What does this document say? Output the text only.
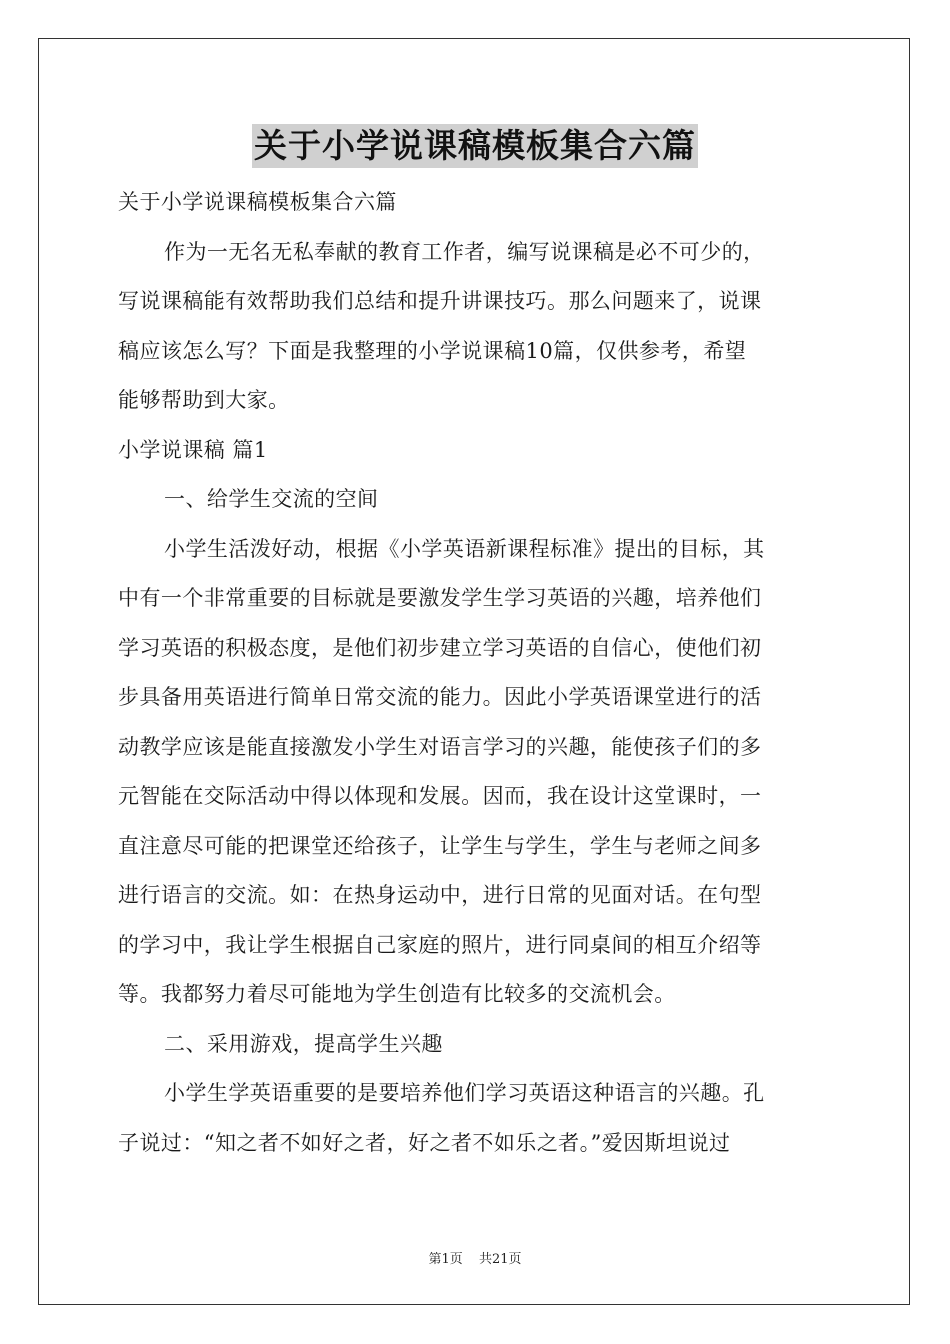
关于小学说课稿模板集合六篇
关于小学说课稿模板集合六篇
作为一无名无私奉献的教育工作者，编写说课稿是必不可少的，
写说课稿能有效帮助我们总结和提升讲课技巧。那么问题来了，说课
稿应该怎么写？下面是我整理的小学说课稿10篇，仅供参考，希望
能够帮助到大家。
小学说课稿 篇1
一、给学生交流的空间
小学生活泼好动，根据《小学英语新课程标准》提出的目标，其
中有一个非常重要的目标就是要激发学生学习英语的兴趣，培养他们
学习英语的积极态度，是他们初步建立学习英语的自信心，使他们初
步具备用英语进行简单日常交流的能力。因此小学英语课堂进行的活
动教学应该是能直接激发小学生对语言学习的兴趣，能使孩子们的多
元智能在交际活动中得以体现和发展。因而，我在设计这堂课时，一
直注意尽可能的把课堂还给孩子，让学生与学生，学生与老师之间多
进行语言的交流。如：在热身运动中，进行日常的见面对话。在句型
的学习中，我让学生根据自己家庭的照片，进行同桌间的相互介绍等
等。我都努力着尽可能地为学生创造有比较多的交流机会。
二、采用游戏，提高学生兴趣
小学生学英语重要的是要培养他们学习英语这种语言的兴趣。孔
子说过：“知之者不如好之者，好之者不如乐之者。”爱因斯坦说过
第1页 共21页
